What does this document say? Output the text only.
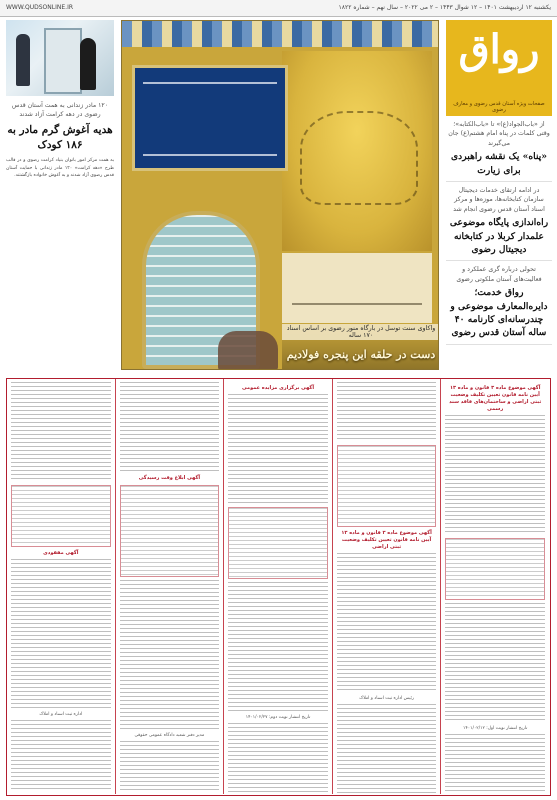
یکشنبه ۱۲ اردیبهشت ۱۴۰۱ – ۱۲ شوال ۱۴۴۳ – ۲ می ۲۰۲۲ – سال نهم – شماره ۱۸۲۲
WWW.QUDSONLINE.IR
۱۲۰ مادر زندانی به همت آستان قدس رضوی در دهه کرامت آزاد شدند
هدیه آغوش گرم مادر به ۱۸۶ کودک
به همت مرکز امور بانوان بنیاد کرامت رضوی و در قالب طرح «دهه کرامت» ۱۲۰ مادر زندانی با حمایت آستان قدس رضوی آزاد شدند و به آغوش خانواده بازگشتند.
واکاوی سنت توسل در بارگاه منور رضوی بر اساس اسناد ۱۷۰ ساله
دست در حلقه این پنجره فولادیم
رواق
صفحات ویژه آستان قدس رضوی و معارف رضوی
از «باب‌الجواد(ع)» تا «باب‌الکتابه»؛ وقتی کلمات در پناه امام هشتم(ع) جان می‌گیرند
«پناه» یک نقشه راهبردی برای زیارت
در ادامه ارتقای خدمات دیجیتال سازمان کتابخانه‌ها، موزه‌ها و مرکز اسناد آستان قدس رضوی انجام شد
راه‌اندازی پایگاه موضوعی علمدار کربلا در کتابخانه دیجیتال رضوی
تحولی درباره گری عملکرد و فعالیت‌های آستان ملکوتی رضوی
رواق خدمت؛ دایره‌المعارف موضوعی و چندرسانه‌ای کارنامه ۴۰ ساله آستان قدس رضوی
آگهی موضوع ماده ۳ قانون و ماده ۱۳ آیین نامه قانون تعیین تکلیف وضعیت ثبتی اراضی و ساختمان‌های فاقد سند رسمی
تاریخ انتشار نوبت اول: ۱۴۰۱/۰۲/۱۲
آگهی موضوع ماده ۳ قانون و ماده ۱۳ آیین نامه قانون تعیین تکلیف وضعیت ثبتی اراضی
رئیس اداره ثبت اسناد و املاک
آگهی برگزاری مزایده عمومی
تاریخ انتشار نوبت دوم: ۱۴۰۱/۰۲/۲۷
آگهی ابلاغ وقت رسیدگی
مدیر دفتر شعبه دادگاه عمومی حقوقی
آگهی مفقودی
اداره ثبت اسناد و املاک
